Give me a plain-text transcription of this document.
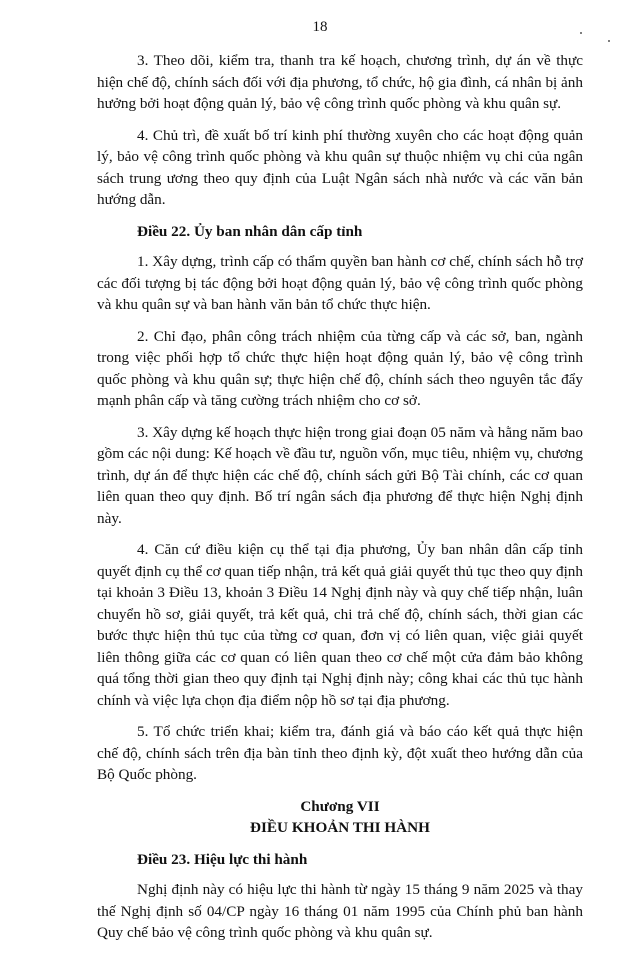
18

3. Theo dõi, kiểm tra, thanh tra kế hoạch, chương trình, dự án về thực hiện chế độ, chính sách đối với địa phương, tổ chức, hộ gia đình, cá nhân bị ảnh hưởng bởi hoạt động quản lý, bảo vệ công trình quốc phòng và khu quân sự.

4. Chủ trì, đề xuất bố trí kinh phí thường xuyên cho các hoạt động quản lý, bảo vệ công trình quốc phòng và khu quân sự thuộc nhiệm vụ chi của ngân sách trung ương theo quy định của Luật Ngân sách nhà nước và các văn bản hướng dẫn.

Điều 22. Ủy ban nhân dân cấp tỉnh

1. Xây dựng, trình cấp có thẩm quyền ban hành cơ chế, chính sách hỗ trợ các đối tượng bị tác động bởi hoạt động quản lý, bảo vệ công trình quốc phòng và khu quân sự và ban hành văn bản tổ chức thực hiện.

2. Chỉ đạo, phân công trách nhiệm của từng cấp và các sở, ban, ngành trong việc phối hợp tổ chức thực hiện hoạt động quản lý, bảo vệ công trình quốc phòng và khu quân sự; thực hiện chế độ, chính sách theo nguyên tắc đẩy mạnh phân cấp và tăng cường trách nhiệm cho cơ sở.

3. Xây dựng kế hoạch thực hiện trong giai đoạn 05 năm và hằng năm bao gồm các nội dung: Kế hoạch về đầu tư, nguồn vốn, mục tiêu, nhiệm vụ, chương trình, dự án để thực hiện các chế độ, chính sách gửi Bộ Tài chính, các cơ quan liên quan theo quy định. Bố trí ngân sách địa phương để thực hiện Nghị định này.

4. Căn cứ điều kiện cụ thể tại địa phương, Ủy ban nhân dân cấp tỉnh quyết định cụ thể cơ quan tiếp nhận, trả kết quả giải quyết thủ tục theo quy định tại khoản 3 Điều 13, khoản 3 Điều 14 Nghị định này và quy chế tiếp nhận, luân chuyển hồ sơ, giải quyết, trả kết quả, chi trả chế độ, chính sách, thời gian các bước thực hiện thủ tục của từng cơ quan, đơn vị có liên quan, việc giải quyết liên thông giữa các cơ quan có liên quan theo cơ chế một cửa đảm bảo không quá tổng thời gian theo quy định tại Nghị định này; công khai các thủ tục hành chính và việc lựa chọn địa điểm nộp hồ sơ tại địa phương.

5. Tổ chức triển khai; kiểm tra, đánh giá và báo cáo kết quả thực hiện chế độ, chính sách trên địa bàn tỉnh theo định kỳ, đột xuất theo hướng dẫn của Bộ Quốc phòng.

Chương VII
ĐIỀU KHOẢN THI HÀNH

Điều 23. Hiệu lực thi hành

Nghị định này có hiệu lực thi hành từ ngày 15 tháng 9 năm 2025 và thay thế Nghị định số 04/CP ngày 16 tháng 01 năm 1995 của Chính phủ ban hành Quy chế bảo vệ công trình quốc phòng và khu quân sự.
